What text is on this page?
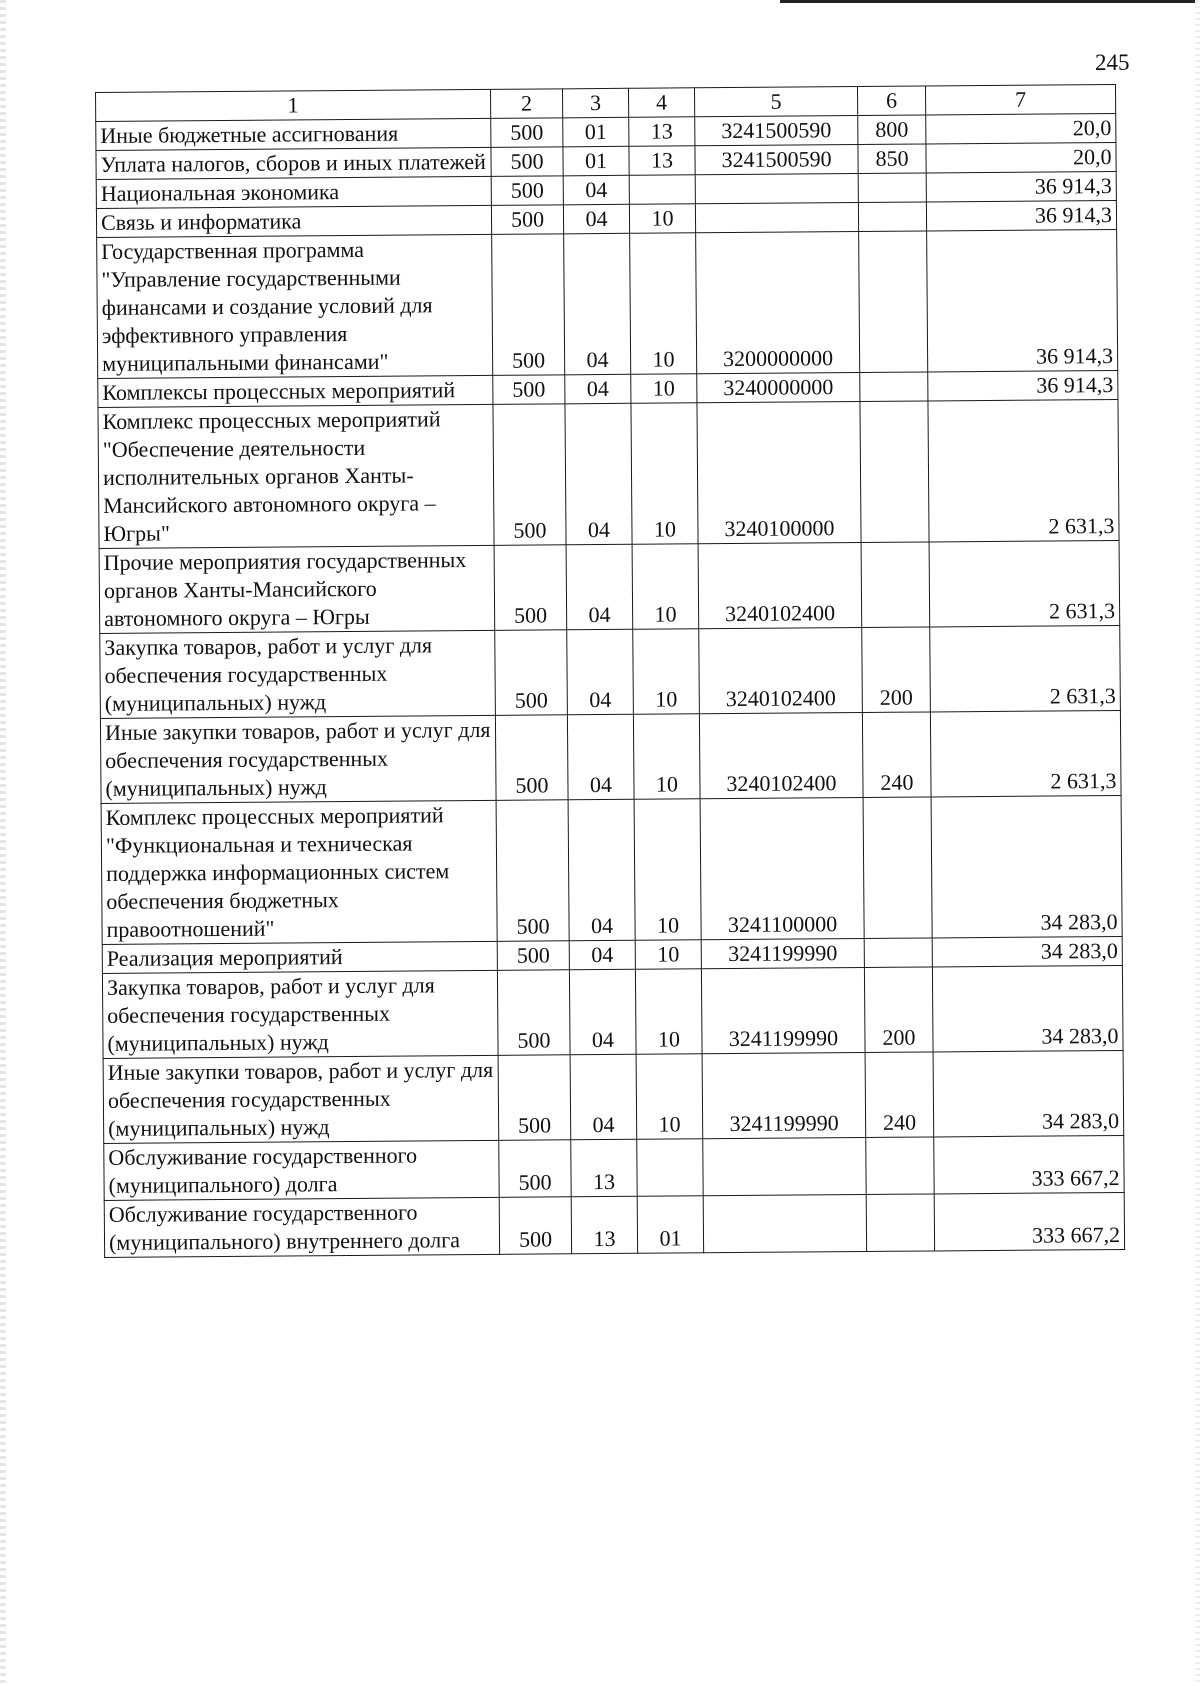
245
1	2	3	4	5	6	7
Иные бюджетные ассигнования	500	01	13	3241500590	800	20,0
Уплата налогов, сборов и иных платежей	500	01	13	3241500590	850	20,0
Национальная экономика	500	04				36 914,3
Связь и информатика	500	04	10			36 914,3
Государственная программа "Управление государственными финансами и создание условий для эффективного управления муниципальными финансами"	500	04	10	3200000000		36 914,3
Комплексы процессных мероприятий	500	04	10	3240000000		36 914,3
Комплекс процессных мероприятий "Обеспечение деятельности исполнительных органов Ханты-Мансийского автономного округа – Югры"	500	04	10	3240100000		2 631,3
Прочие мероприятия государственных органов Ханты-Мансийского автономного округа – Югры	500	04	10	3240102400		2 631,3
Закупка товаров, работ и услуг для обеспечения государственных (муниципальных) нужд	500	04	10	3240102400	200	2 631,3
Иные закупки товаров, работ и услуг для обеспечения государственных (муниципальных) нужд	500	04	10	3240102400	240	2 631,3
Комплекс процессных мероприятий "Функциональная и техническая поддержка информационных систем обеспечения бюджетных правоотношений"	500	04	10	3241100000		34 283,0
Реализация мероприятий	500	04	10	3241199990		34 283,0
Закупка товаров, работ и услуг для обеспечения государственных (муниципальных) нужд	500	04	10	3241199990	200	34 283,0
Иные закупки товаров, работ и услуг для обеспечения государственных (муниципальных) нужд	500	04	10	3241199990	240	34 283,0
Обслуживание государственного (муниципального) долга	500	13				333 667,2
Обслуживание государственного (муниципального) внутреннего долга	500	13	01			333 667,2
